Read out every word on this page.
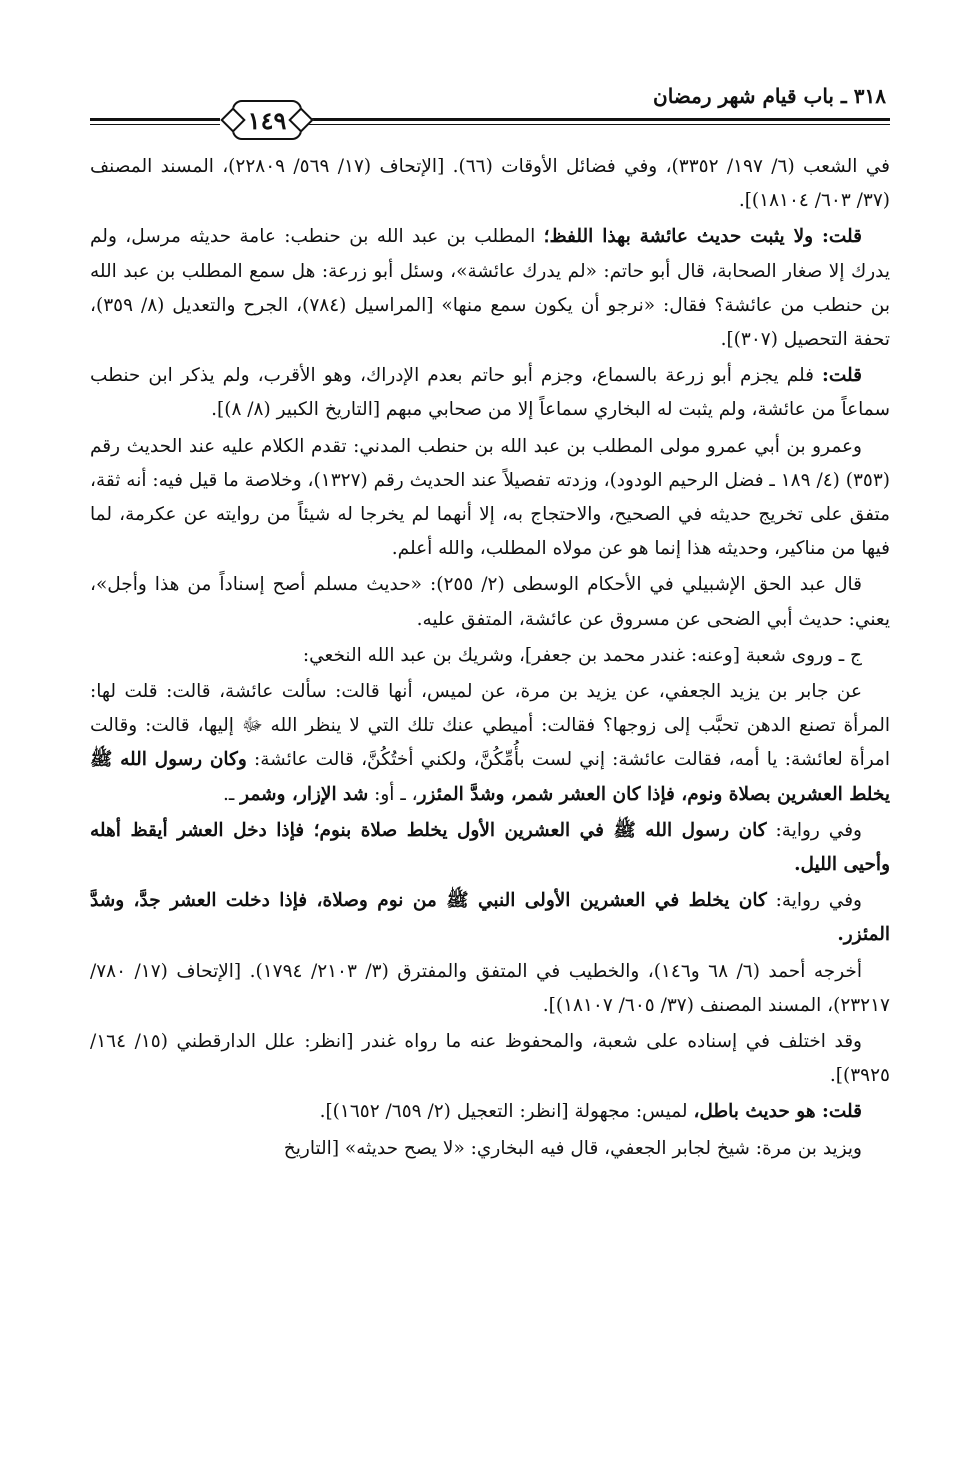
٣١٨ ـ باب قيام شهر رمضان
١٤٩

في الشعب (٦/ ١٩٧/ ٣٣٥٢)، وفي فضائل الأوقات (٦٦). [الإتحاف (١٧/ ٥٦٩/ ٢٢٨٠٩)، المسند المصنف (٣٧/ ٦٠٣/ ١٨١٠٤)].

قلت: ولا يثبت حديث عائشة بهذا اللفظ؛ المطلب بن عبد الله بن حنطب: عامة حديثه مرسل، ولم يدرك إلا صغار الصحابة، قال أبو حاتم: «لم يدرك عائشة»، وسئل أبو زرعة: هل سمع المطلب بن عبد الله بن حنطب من عائشة؟ فقال: «نرجو أن يكون سمع منها» [المراسيل (٧٨٤)، الجرح والتعديل (٨/ ٣٥٩)، تحفة التحصيل (٣٠٧)].

قلت: فلم يجزم أبو زرعة بالسماع، وجزم أبو حاتم بعدم الإدراك، وهو الأقرب، ولم يذكر ابن حنطب سماعاً من عائشة، ولم يثبت له البخاري سماعاً إلا من صحابي مبهم [التاريخ الكبير (٨/ ٨)].

وعمرو بن أبي عمرو مولى المطلب بن عبد الله بن حنطب المدني: تقدم الكلام عليه عند الحديث رقم (٣٥٣) (٤/ ١٨٩ ـ فضل الرحيم الودود)، وزدته تفصيلاً عند الحديث رقم (١٣٢٧)، وخلاصة ما قيل فيه: أنه ثقة، متفق على تخريج حديثه في الصحيح، والاحتجاج به، إلا أنهما لم يخرجا له شيئاً من روايته عن عكرمة، لما فيها من مناكير، وحديثه هذا إنما هو عن مولاه المطلب، والله أعلم.

قال عبد الحق الإشبيلي في الأحكام الوسطى (٢/ ٢٥٥): «حديث مسلم أصح إسناداً من هذا وأجل»، يعني: حديث أبي الضحى عن مسروق عن عائشة، المتفق عليه.

ج ـ وروى شعبة [وعنه: غندر محمد بن جعفر]، وشريك بن عبد الله النخعي:

عن جابر بن يزيد الجعفي، عن يزيد بن مرة، عن لميس، أنها قالت: سألت عائشة، قالت: قلت لها: المرأة تصنع الدهن تحبَّب إلى زوجها؟ فقالت: أميطي عنك تلك التي لا ينظر الله ﷻ إليها، قالت: وقالت امرأة لعائشة: يا أمه، فقالت عائشة: إني لست بأُمِّكُنَّ، ولكني أختُكُنَّ، قالت عائشة: وكان رسول الله ﷺ يخلط العشرين بصلاة ونوم، فإذا كان العشر شمر، وشدَّ المئزر، ـ أو: شد الإزار، وشمر ـ.

وفي رواية: كان رسول الله ﷺ في العشرين الأول يخلط صلاة بنوم؛ فإذا دخل العشر أيقظ أهله وأحيى الليل.

وفي رواية: كان يخلط في العشرين الأولى النبي ﷺ من نوم وصلاة، فإذا دخلت العشر جدَّ، وشدَّ المئزر.

أخرجه أحمد (٦/ ٦٨ و١٤٦)، والخطيب في المتفق والمفترق (٣/ ٢١٠٣/ ١٧٩٤). [الإتحاف (١٧/ ٧٨٠/ ٢٣٢١٧)، المسند المصنف (٣٧/ ٦٠٥/ ١٨١٠٧)].

وقد اختلف في إسناده على شعبة، والمحفوظ عنه ما رواه غندر [انظر: علل الدارقطني (١٥/ ١٦٤/ ٣٩٢٥)].

قلت: هو حديث باطل، لميس: مجهولة [انظر: التعجيل (٢/ ٦٥٩/ ١٦٥٢)].

ويزيد بن مرة: شيخ لجابر الجعفي، قال فيه البخاري: «لا يصح حديثه» [التاريخ
